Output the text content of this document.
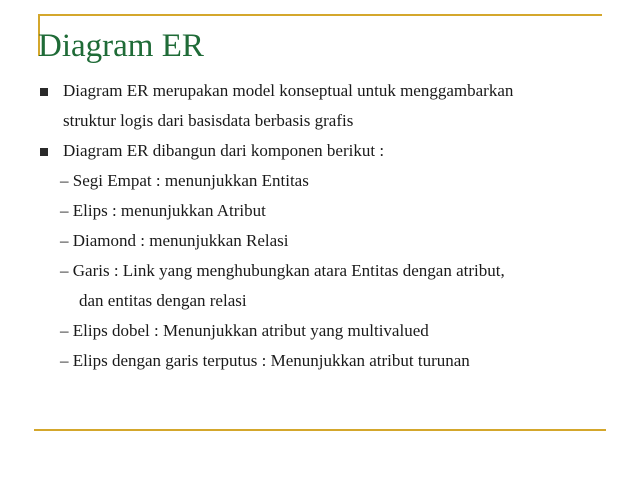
Diagram ER
Diagram ER merupakan model konseptual untuk menggambarkan
struktur logis dari basisdata berbasis grafis
Diagram ER dibangun dari komponen berikut :
– Segi Empat : menunjukkan Entitas
– Elips : menunjukkan Atribut
– Diamond : menunjukkan Relasi
– Garis : Link yang menghubungkan atara Entitas dengan atribut,
dan entitas dengan relasi
– Elips dobel : Menunjukkan atribut yang multivalued
– Elips dengan garis terputus : Menunjukkan atribut turunan
